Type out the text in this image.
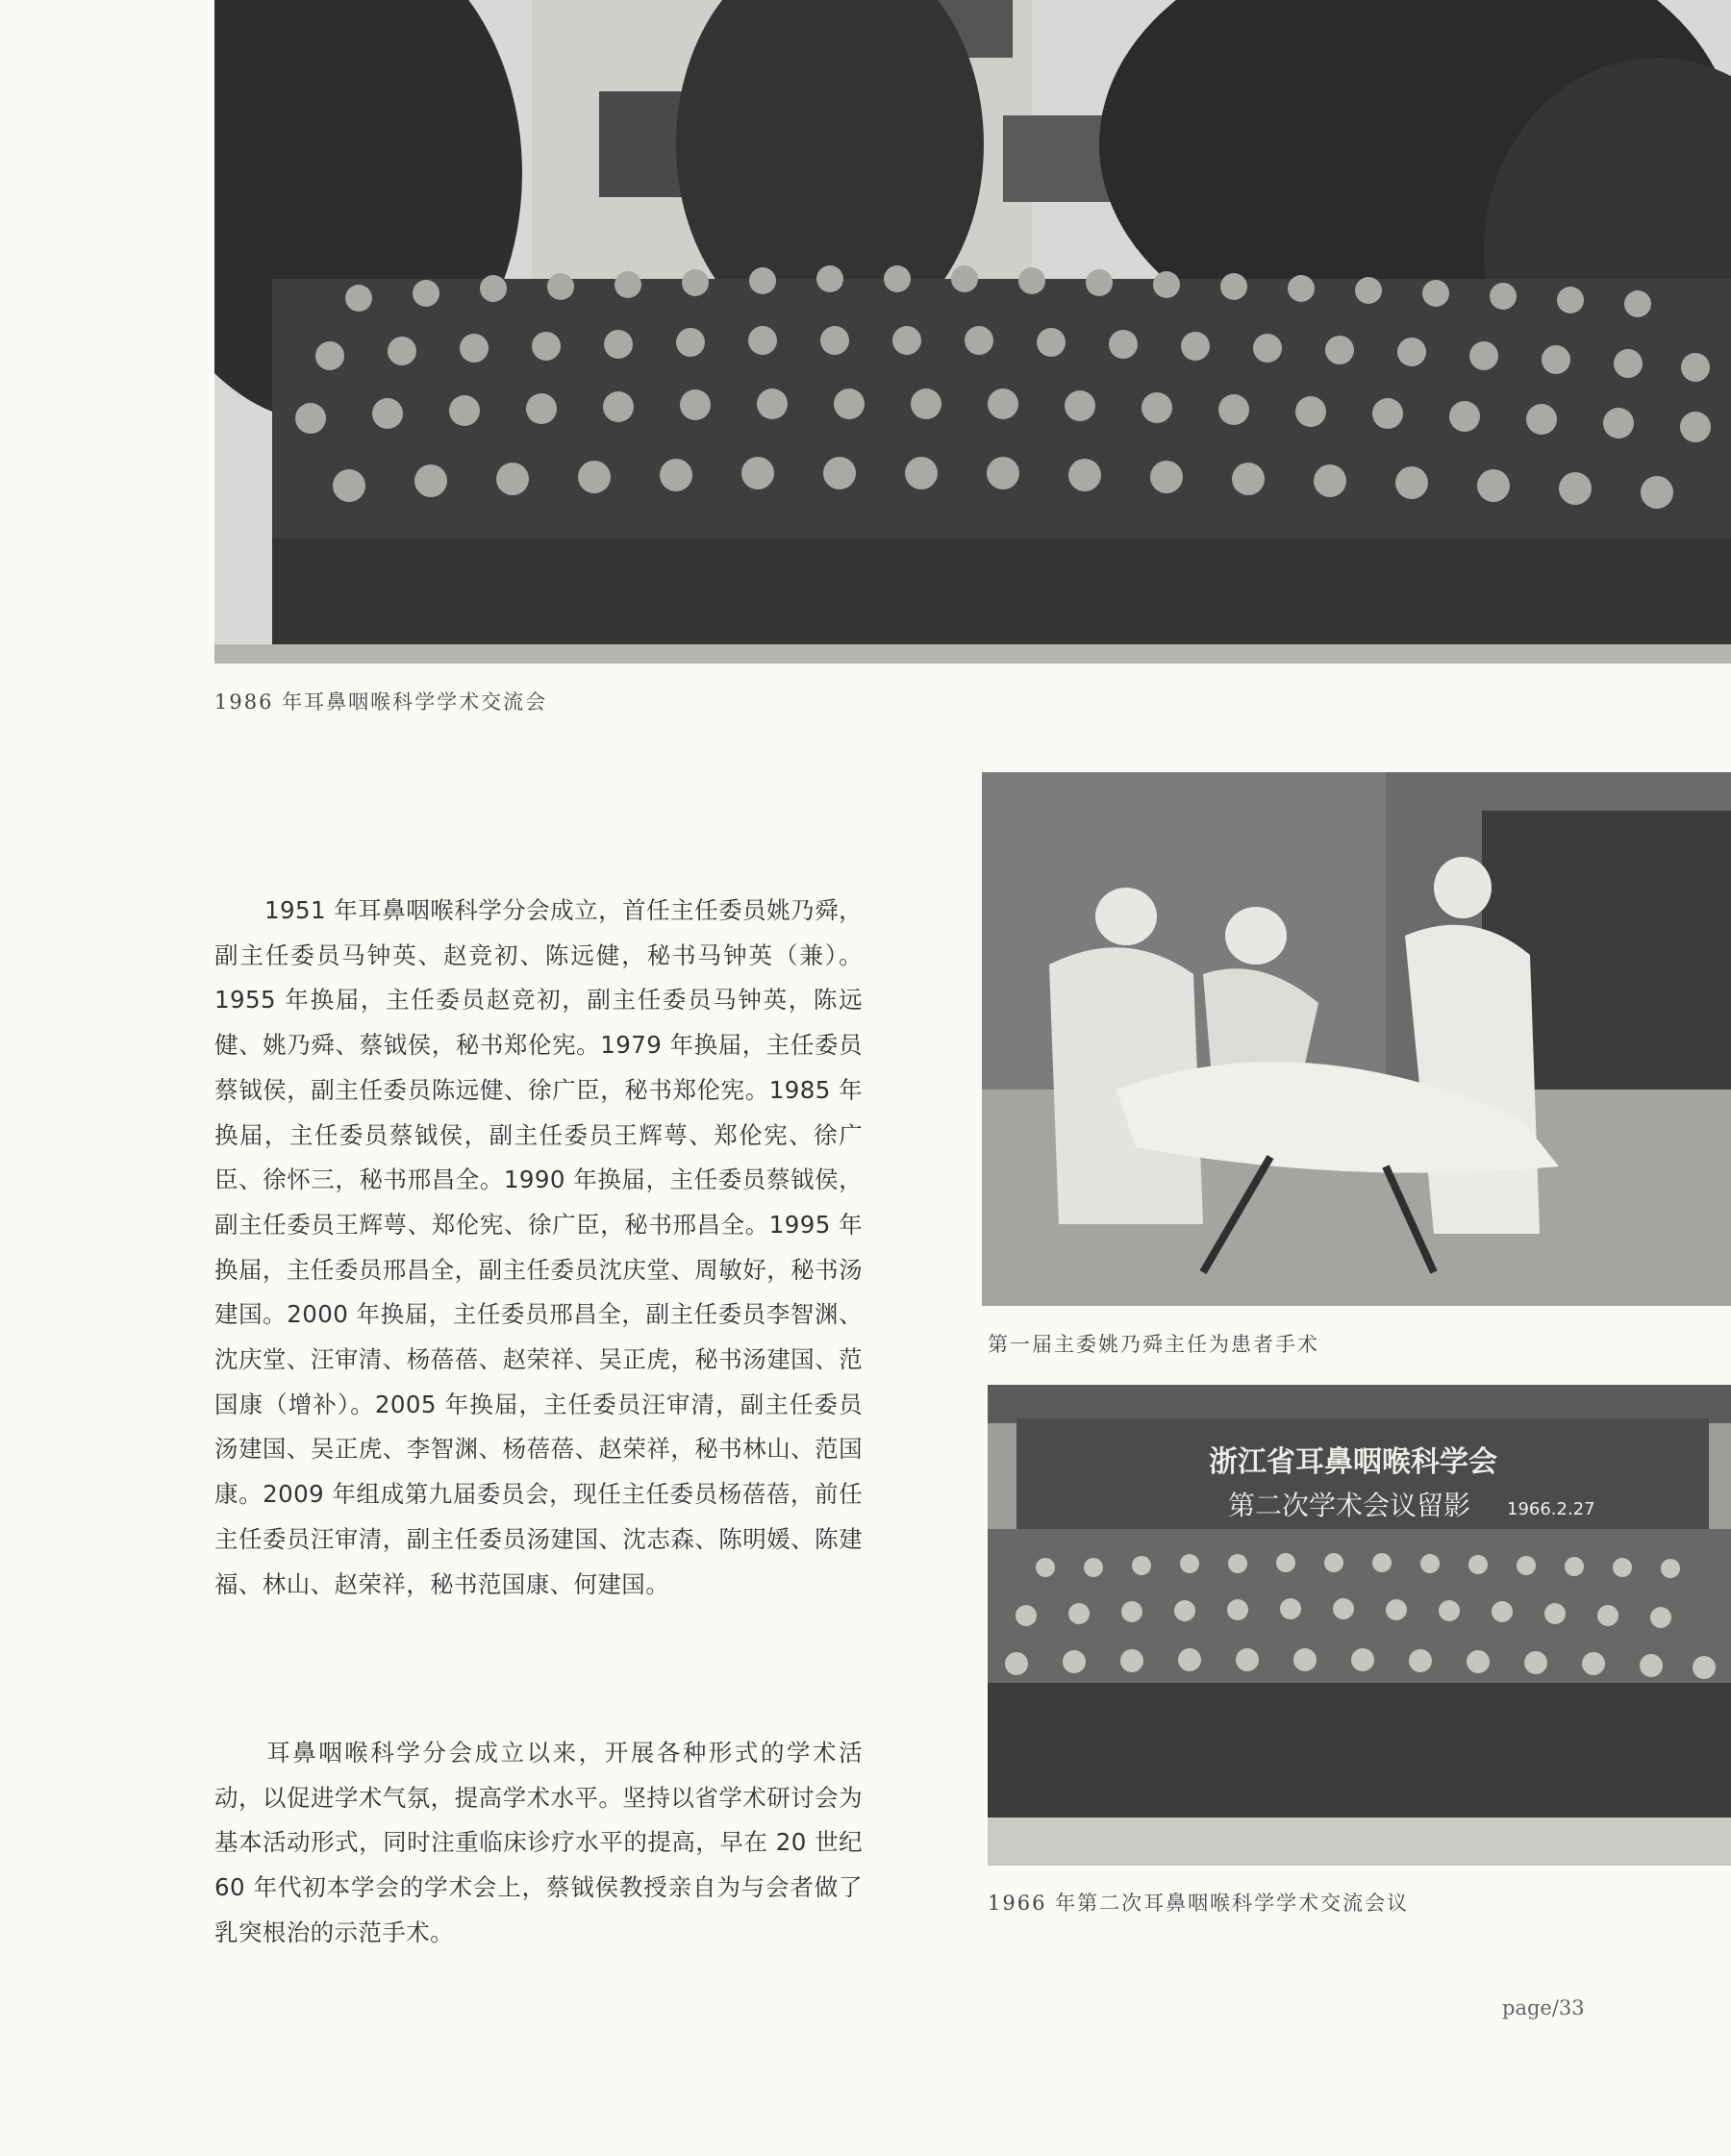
1986 年耳鼻咽喉科学学术交流会
第一届主委姚乃舜主任为患者手术
浙江省耳鼻咽喉科学会
第二次学术会议留影 1966.2.27
1966 年第二次耳鼻咽喉科学学术交流会议
1951 年耳鼻咽喉科学分会成立，首任主任委员姚乃舜，副主任委员马钟英、赵竞初、陈远健，秘书马钟英（兼）。1955 年换届，主任委员赵竞初，副主任委员马钟英，陈远健、姚乃舜、蔡钺侯，秘书郑伦宪。1979 年换届，主任委员蔡钺侯，副主任委员陈远健、徐广臣，秘书郑伦宪。1985 年换届，主任委员蔡钺侯，副主任委员王辉萼、郑伦宪、徐广臣、徐怀三，秘书邢昌全。1990 年换届，主任委员蔡钺侯，副主任委员王辉萼、郑伦宪、徐广臣，秘书邢昌全。1995 年换届，主任委员邢昌全，副主任委员沈庆堂、周敏好，秘书汤建国。2000 年换届，主任委员邢昌全，副主任委员李智渊、沈庆堂、汪审清、杨蓓蓓、赵荣祥、吴正虎，秘书汤建国、范国康（增补）。2005 年换届，主任委员汪审清，副主任委员汤建国、吴正虎、李智渊、杨蓓蓓、赵荣祥，秘书林山、范国康。2009 年组成第九届委员会，现任主任委员杨蓓蓓，前任主任委员汪审清，副主任委员汤建国、沈志森、陈明媛、陈建福、林山、赵荣祥，秘书范国康、何建国。
耳鼻咽喉科学分会成立以来，开展各种形式的学术活动，以促进学术气氛，提高学术水平。坚持以省学术研讨会为基本活动形式，同时注重临床诊疗水平的提高，早在 20 世纪 60 年代初本学会的学术会上，蔡钺侯教授亲自为与会者做了乳突根治的示范手术。
page/33
